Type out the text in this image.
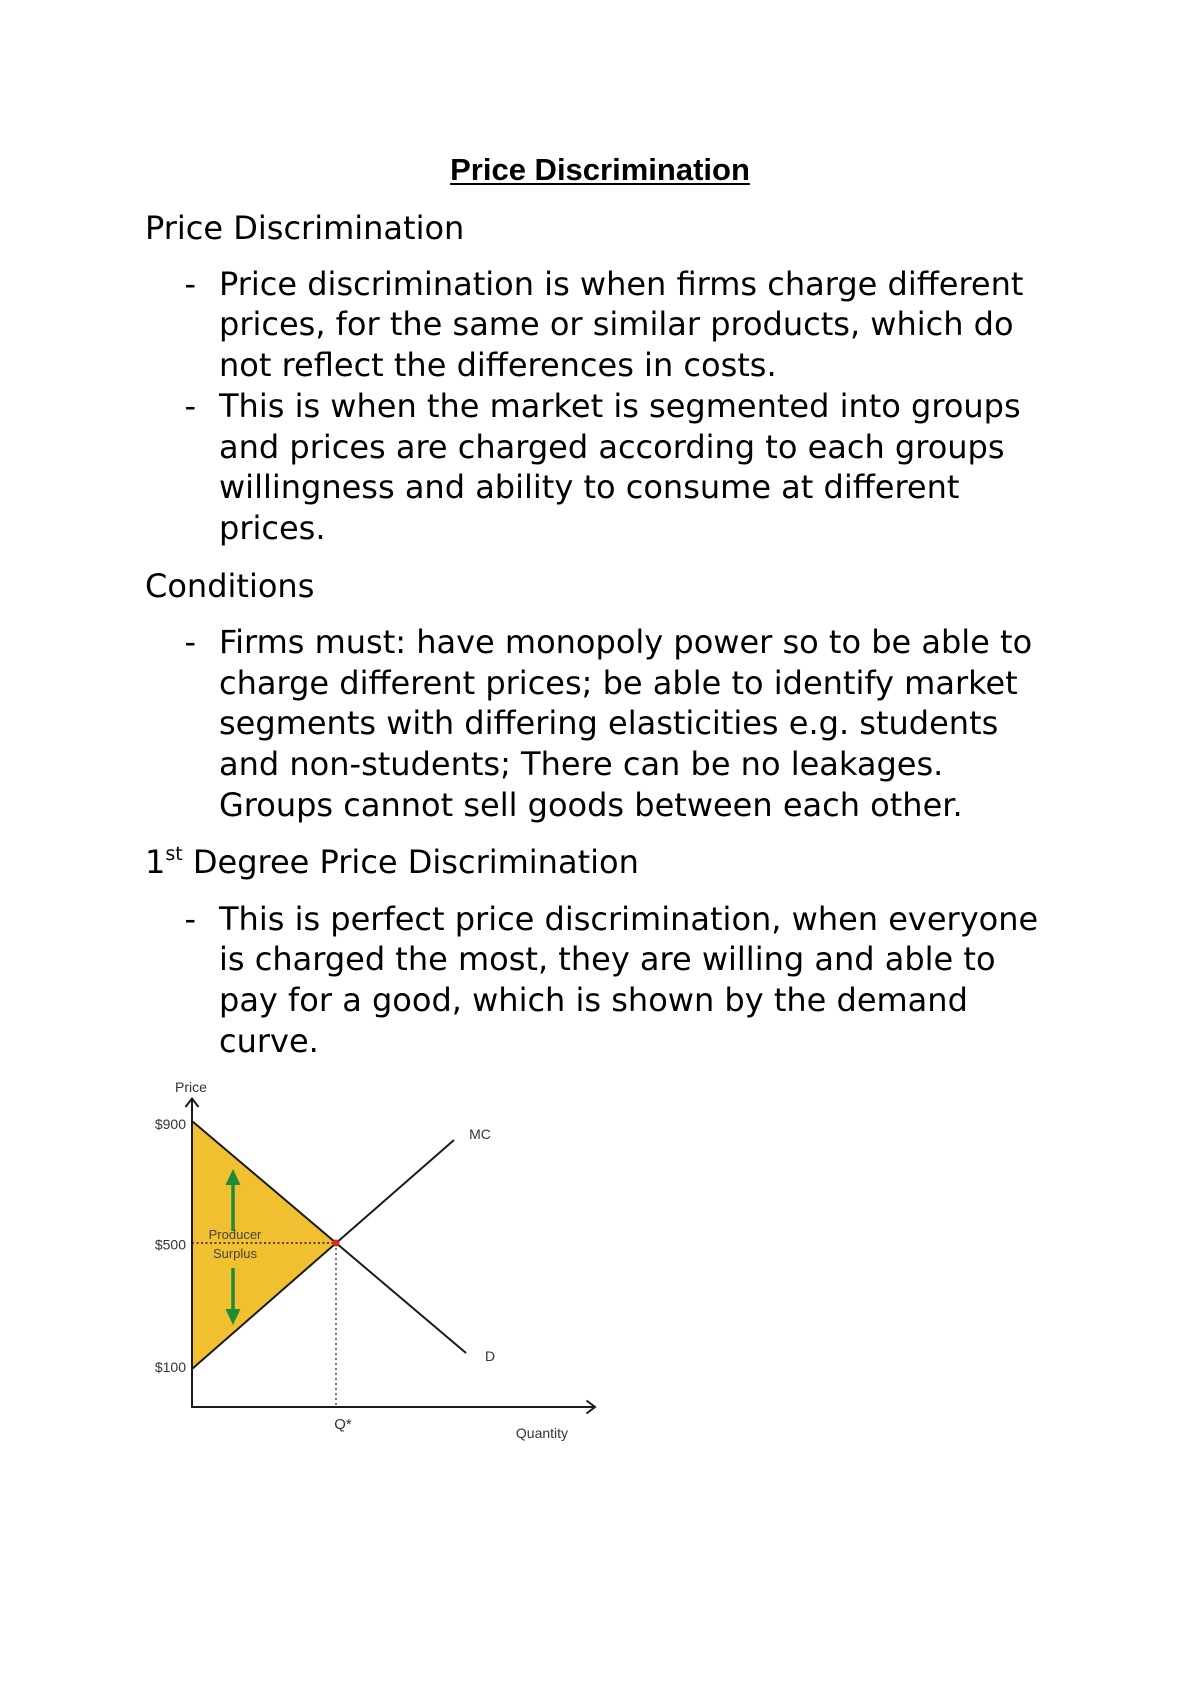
Price Discrimination
Price Discrimination
- Price discrimination is when firms charge different prices, for the same or similar products, which do not reflect the differences in costs.
- This is when the market is segmented into groups and prices are charged according to each groups willingness and ability to consume at different prices.
Conditions
- Firms must: have monopoly power so to be able to charge different prices; be able to identify market segments with differing elasticities e.g. students and non-students; There can be no leakages. Groups cannot sell goods between each other.
1st Degree Price Discrimination
- This is perfect price discrimination, when everyone is charged the most, they are willing and able to pay for a good, which is shown by the demand curve.
Price
$900
$500
$100
Q*	Quantity
MC
D
Producer
Surplus
